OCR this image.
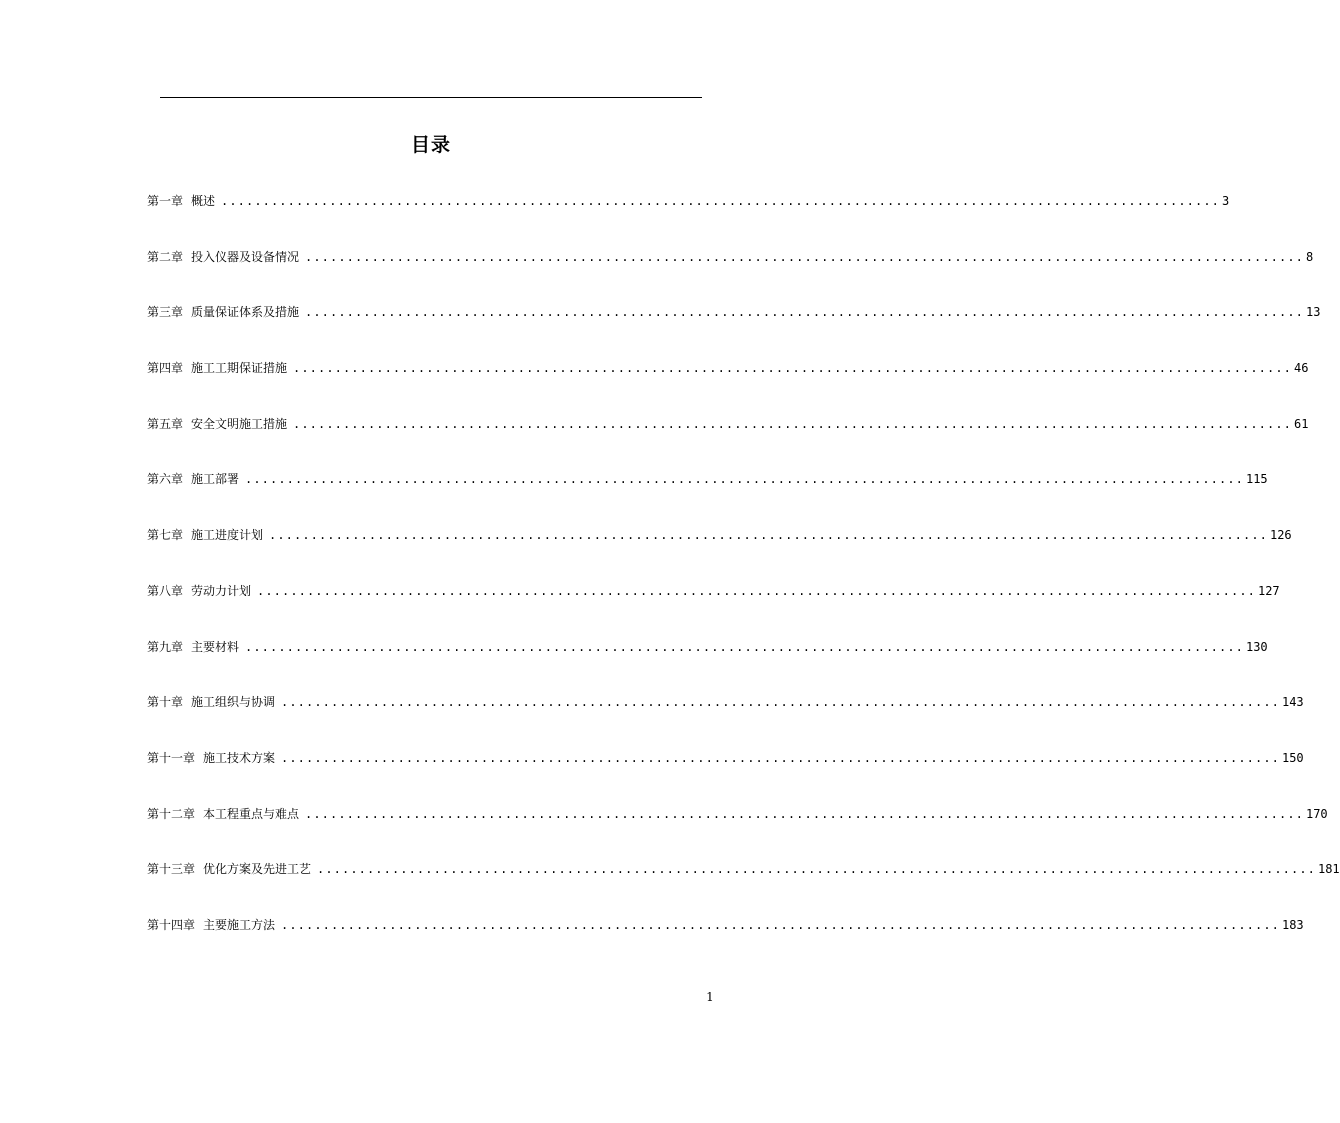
目录
第一章 概述 ........................................................................................................................ 3
第二章 投入仪器及设备情况 ........................................................................................................................ 8
第三章 质量保证体系及措施 ........................................................................................................................ 13
第四章 施工工期保证措施 ........................................................................................................................ 46
第五章 安全文明施工措施 ........................................................................................................................ 61
第六章 施工部署 ........................................................................................................................ 115
第七章 施工进度计划 ........................................................................................................................ 126
第八章 劳动力计划 ........................................................................................................................ 127
第九章 主要材料 ........................................................................................................................ 130
第十章 施工组织与协调 ........................................................................................................................ 143
第十一章 施工技术方案 ........................................................................................................................ 150
第十二章 本工程重点与难点 ........................................................................................................................ 170
第十三章 优化方案及先进工艺 ........................................................................................................................ 181
第十四章 主要施工方法 ........................................................................................................................ 183
1
